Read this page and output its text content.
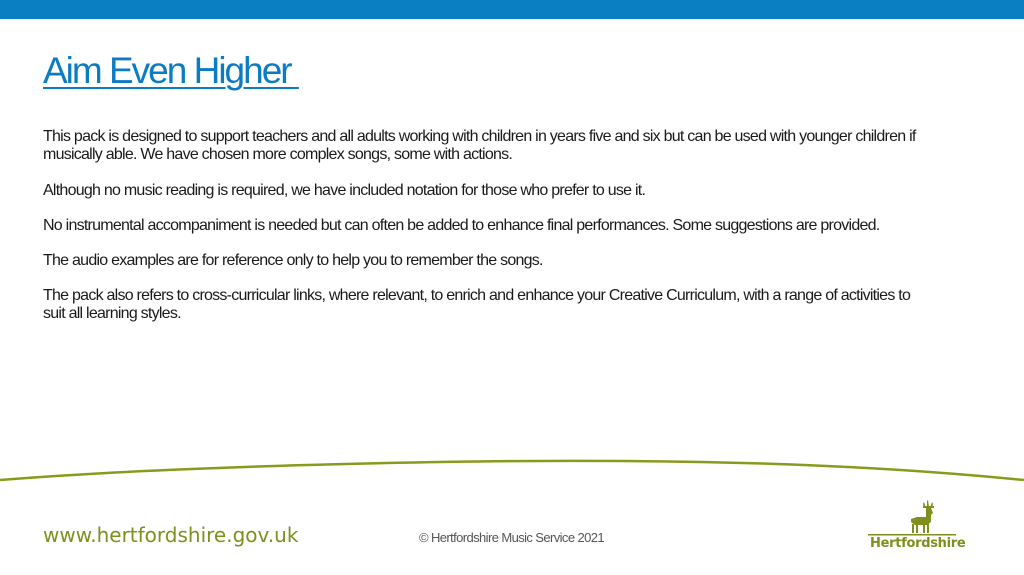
Aim Even Higher

This pack is designed to support teachers and all adults working with children in years five and six but can be used with younger children if musically able. We have chosen more complex songs, some with actions.

Although no music reading is required, we have included notation for those who prefer to use it.

No instrumental accompaniment is needed but can often be added to enhance final performances. Some suggestions are provided.

The audio examples are for reference only to help you to remember the songs.

The pack also refers to cross-curricular links, where relevant, to enrich and enhance your Creative Curriculum, with a range of activities to suit all learning styles.

www.hertfordshire.gov.uk	© Hertfordshire Music Service 2021	Hertfordshire
